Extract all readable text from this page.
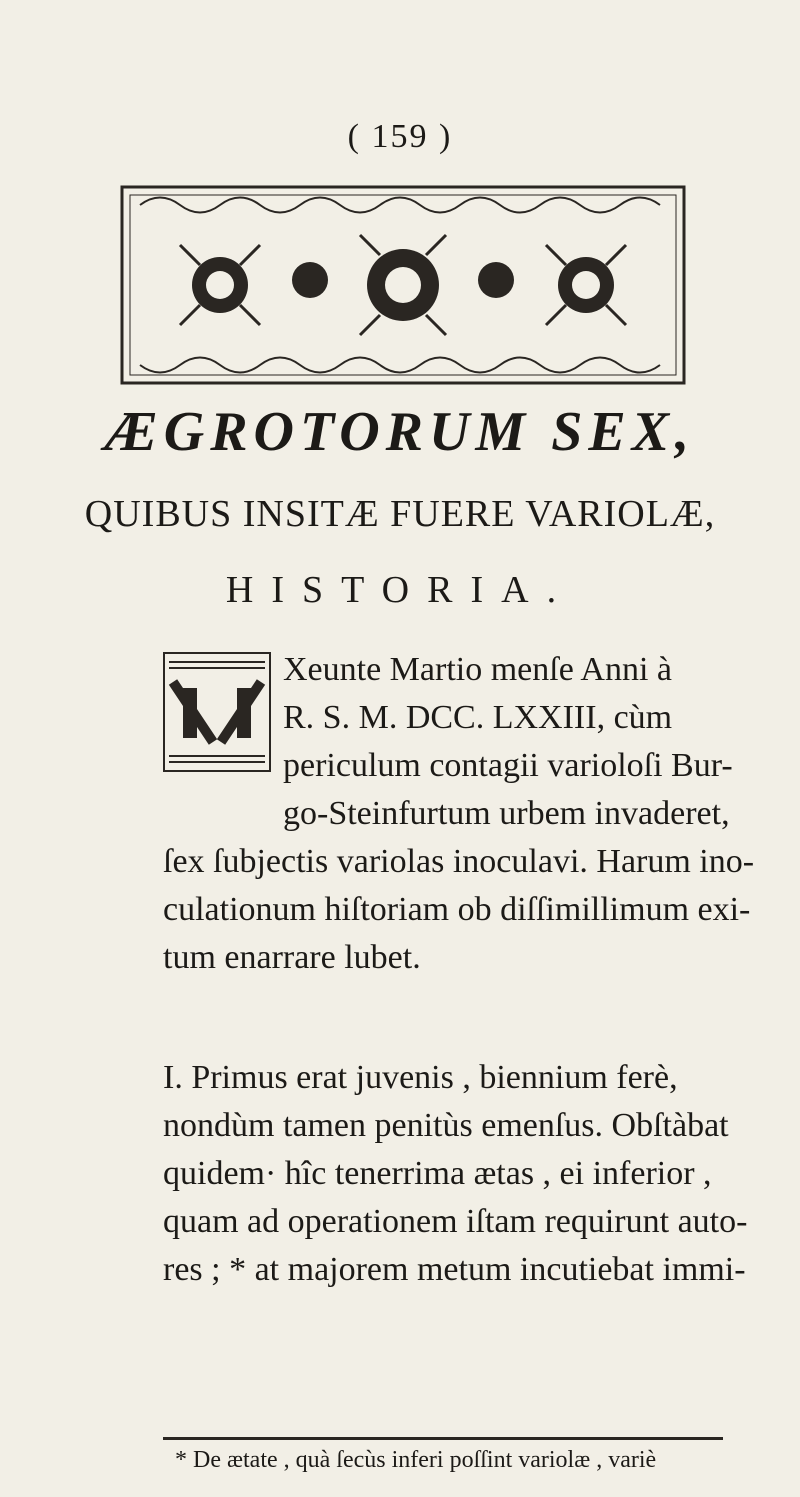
( 159 )
ÆGROTORUM SEX,
QUIBUS INSITÆ FUERE VARIOLÆ,
HISTORIA.
Xeunte Martio menſe Anni à
R. S. M. DCC. LXXIII, cùm
periculum contagii varioloſi Bur-
go-Steinfurtum urbem invaderet,
ſex ſubjectis variolas inoculavi. Harum ino-
culationum hiſtoriam ob diſſimillimum exi-
tum enarrare lubet.
I. Primus erat juvenis , biennium ferè,
nondùm tamen penitùs emenſus. Obſtàbat
quidem· hîc tenerrima ætas , ei inferior ,
quam ad operationem iſtam requirunt auto-
res ; * at majorem metum incutiebat immi-
* De ætate , quà ſecùs inferi poſſint variolæ , variè
